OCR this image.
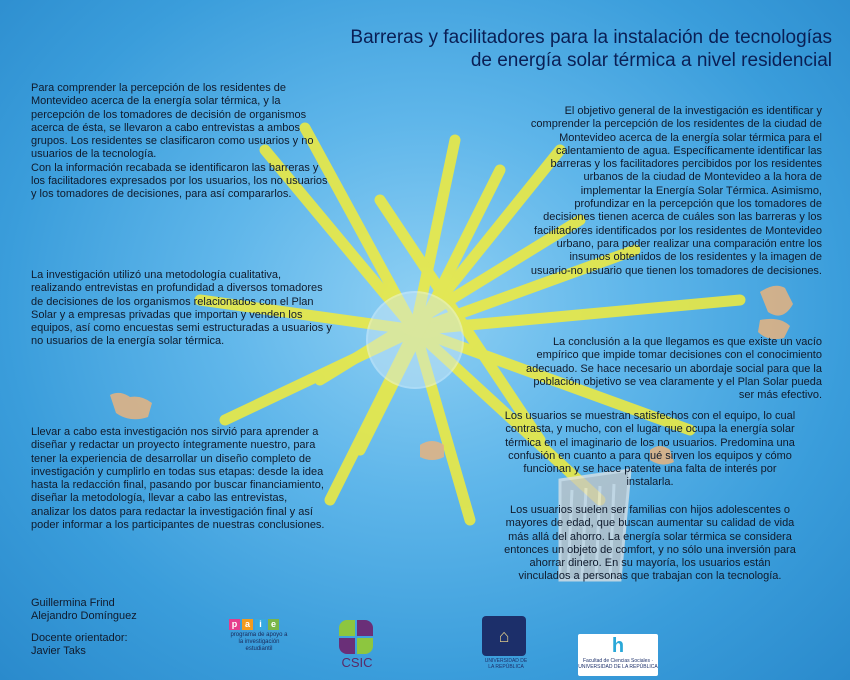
Barreras y facilitadores para la instalación de tecnologías
de energía solar térmica a nivel residencial

Para comprender la percepción de los residentes de

Montevideo acerca de la energía solar térmica, y la

percepción de los tomadores de decisión de organismos

acerca de ésta, se llevaron a cabo entrevistas a ambos

grupos. Los residentes se clasificaron como usuarios y no

usuarios de la tecnología.

Con la información recabada se identificaron las barreras y

los facilitadores expresados por los usuarios, los no usuarios

y los tomadores de decisiones, para así compararlos.

La investigación utilizó una metodología cualitativa,

realizando entrevistas en profundidad a diversos tomadores

de decisiones de los organismos relacionados con el Plan

Solar y a empresas privadas que importan y venden los

equipos, así como encuestas semi estructuradas a usuarios y

no usuarios de la energía solar térmica.

Llevar a cabo esta investigación nos sirvió para aprender a

diseñar y redactar un proyecto íntegramente nuestro, para

tener la experiencia de desarrollar un diseño completo de

investigación y cumplirlo en todas sus etapas: desde la idea

hasta la redacción final, pasando por buscar financiamiento,

diseñar la metodología, llevar a cabo las entrevistas,

analizar los datos para redactar la investigación final y así

poder informar a los participantes de nuestras conclusiones.

El objetivo general de la investigación es identificar y

comprender la percepción de los residentes de la ciudad de

Montevideo acerca de la energía solar térmica para el

calentamiento de agua. Específicamente identificar las

barreras y los facilitadores percibidos por los residentes

urbanos de la ciudad de Montevideo a la hora de

implementar la Energía Solar Térmica. Asimismo,

profundizar en la percepción que los tomadores de

decisiones tienen acerca de cuáles son las barreras y los

facilitadores identificados por los residentes de Montevideo

urbano, para poder realizar una comparación entre los

insumos obtenidos de los residentes y la imagen de

usuario-no usuario que tienen los tomadores de decisiones.

La conclusión a la que llegamos es que existe un vacío

empírico que impide tomar decisiones con el conocimiento

adecuado. Se hace necesario un abordaje social para que la

población objetivo se vea claramente y el Plan Solar pueda

ser más efectivo.

Los usuarios se muestran satisfechos con el equipo, lo cual

contrasta, y mucho, con el lugar que ocupa la energía solar

térmica en el imaginario de los no usuarios. Predomina una

confusión en cuanto a para qué sirven los equipos y cómo

funcionan y se hace patente una falta de interés por

instalarla.

Los usuarios suelen ser familias con hijos adolescentes o

mayores de edad, que buscan aumentar su calidad de vida

más allá del ahorro. La energía solar térmica se considera

entonces un objeto de comfort, y no sólo una inversión para

ahorrar dinero. En su mayoría, los usuarios están

vinculados a personas que trabajan con la tecnología.

Guillermina Frind

Alejandro Domínguez

Docente orientador:

Javier Taks

p a	i	e
programa de apoyo a la investigación estudiantil
CSIC
⌂
UNIVERSIDAD DE LA REPÚBLICA
h
Facultad de Ciencias Sociales · UNIVERSIDAD DE LA REPÚBLICA
